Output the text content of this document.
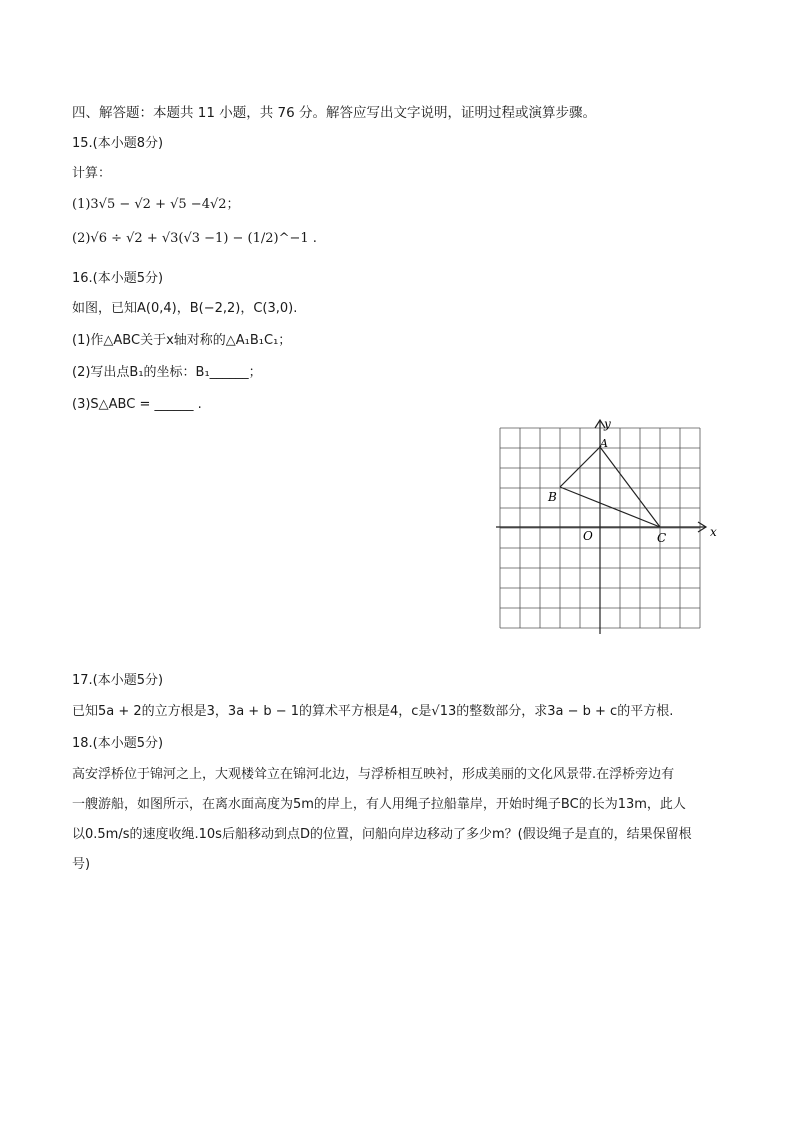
四、解答题：本题共 11 小题，共 76 分。解答应写出文字说明，证明过程或演算步骤。
15.(本小题8分)
计算：
(1)3√5 − √2 + √5 −4√2；
(2)√6 ÷ √2 + √3(√3 −1) − (1/2)^−1 .
16.(本小题5分)
如图，已知A(0,4)，B(−2,2)，C(3,0).
(1)作△ABC关于x轴对称的△A₁B₁C₁；
(2)写出点B₁的坐标：B₁______；
(3)S△ABC = ______ .
A
B
C
O	x
y
17.(本小题5分)
已知5a + 2的立方根是3，3a + b − 1的算术平方根是4，c是√13的整数部分，求3a − b + c的平方根.
18.(本小题5分)
高安浮桥位于锦河之上，大观楼耸立在锦河北边，与浮桥相互映衬，形成美丽的文化风景带.在浮桥旁边有
一艘游船，如图所示，在离水面高度为5m的岸上，有人用绳子拉船靠岸，开始时绳子BC的长为13m，此人
以0.5m/s的速度收绳.10s后船移动到点D的位置，问船向岸边移动了多少m？(假设绳子是直的，结果保留根
号)
